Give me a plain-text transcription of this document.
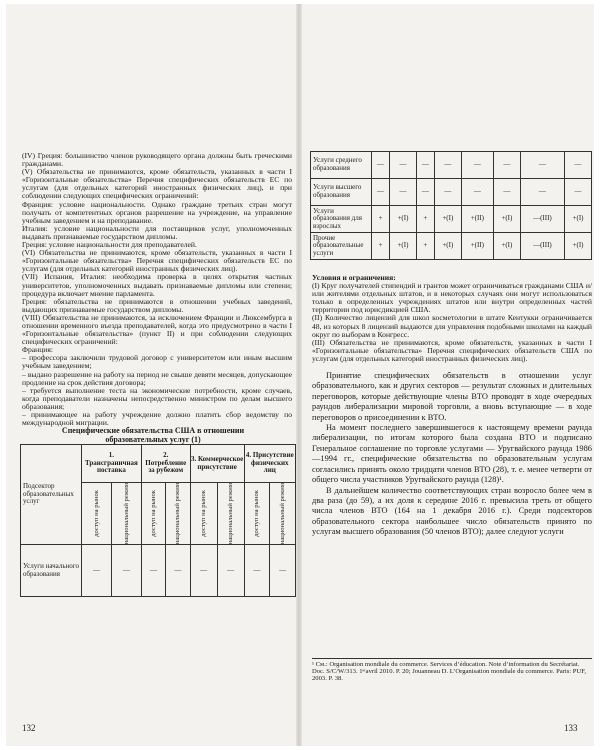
(IV) Греция: большинство членов руководящего органа должны быть греческими гражданами.

(V) Обязательства не принимаются, кроме обязательств, указанных в части I «Горизонтальные обязательства» Перечня специфических обязательств ЕС по услугам (для отдельных категорий иностранных физических лиц), и при соблюдении следующих специфических ограничений:

Франция: условие национальности. Однако граждане третьих стран могут получать от компетентных органов разрешение на учреждение, на управление учебным заведением и на преподавание.

Италия: условие национальности для поставщиков услуг, уполномоченных выдавать признаваемые государством дипломы.

Греция: условие национальности для преподавателей.

(VI) Обязательства не принимаются, кроме обязательств, указанных в части I «Горизонтальные обязательства» Перечня специфических обязательств ЕС по услугам (для отдельных категорий иностранных физических лиц).

(VII) Испания, Италия: необходима проверка в целях открытия частных университетов, уполномоченных выдавать признаваемые дипломы или степени; процедура включает мнение парламента.

Греция: обязательства не принимаются в отношении учебных заведений, выдающих признаваемые государством дипломы.

(VIII) Обязательства не принимаются, за исключением Франции и Люксембурга в отношении временного въезда преподавателей, когда это предусмотрено в части I «Горизонтальные обязательства» (пункт II) и при соблюдении следующих специфических ограничений:

Франция:

– профессора заключили трудовой договор с университетом или иным высшим учебным заведением;

– выдано разрешение на работу на период не свыше девяти месяцев, допускающее продление на срок действия договора;

– требуется выполнение теста на экономические потребности, кроме случаев, когда преподаватели назначены непосредственно министром по делам высшего образования;

– принимающее на работу учреждение должно платить сбор ведомству по международной миграции.

Специфические обязательства США в отношении образовательных услуг (1)
Подсектор образовательных услуг	1. Трансграничная поставка		2. Потребление за рубежом		3. Коммерческое присутствие		4. Присутствие физических лиц	

	доступ на рынок	национальный режим	доступ на рынок	национальный режим	доступ на рынок	национальный режим	доступ на рынок	национальный режим

Услуги начального образования	—	—	—	—	—	—	—	—
132
Услуги среднего образования	—	—	—	—	—	—	—	—
Услуги высшего образования	—	—	—	—	—	—	—	—
Услуги образования для взрослых	+	+(I)	+	+(I)	+(II)	+(I)	—(III)	+(I)
Прочие образовательные услуги	+	+(I)	+	+(I)	+(II)	+(I)	—(III)	+(I)

Условия и ограничения:

(I) Круг получателей стипендий и грантов может ограничиваться гражданами США и/или жителями отдельных штатов, и в некоторых случаях они могут использоваться только в определенных учреждениях штатов или внутри определенных частей территории под юрисдикцией США.

(II) Количество лицензий для школ косметологии в штате Кентукки ограничивается 48, из которых 8 лицензий выдаются для управления подобными школами на каждый округ по выборам в Конгресс.

(III) Обязательства не принимаются, кроме обязательств, указанных в части I «Горизонтальные обязательства» Перечня специфических обязательств США по услугам (для отдельных категорий иностранных физических лиц).

Принятие специфических обязательств в отношении услуг образовательного, как и других секторов — результат сложных и длительных переговоров, которые действующие члены ВТО проводят в ходе очередных раундов либерализации мировой торговли, а вновь вступающие — в ходе переговоров о присоединении к ВТО.

На момент последнего завершившегося к настоящему времени раунда либерализации, по итогам которого была создана ВТО и подписано Генеральное соглашение по торговле услугами — Уругвайского раунда 1986—1994 гг., специфические обязательства по образовательным услугам согласились принять около тридцати членов ВТО (28), т. е. менее четверти от общего числа участников Уругвайского раунда (128)¹.

В дальнейшем количество соответствующих стран возросло более чем в два раза (до 59), а их доля к середине 2016 г. превысила треть от общего числа членов ВТО (164 на 1 декабря 2016 г.). Среди подсекторов образовательного сектора наибольшее число обязательств принято по услугам высшего образования (50 членов ВТО); далее следуют услуги

¹ См.: Organisation mondiale du commerce. Services d’éducation. Note d’information du Secrétariat. Doc. S/C/W/313. 1ᵉʳavril 2010. P. 20; Jouanneau D. L’Organisation mondiale du commerce. Paris: PUF, 2003. P. 38.
133
